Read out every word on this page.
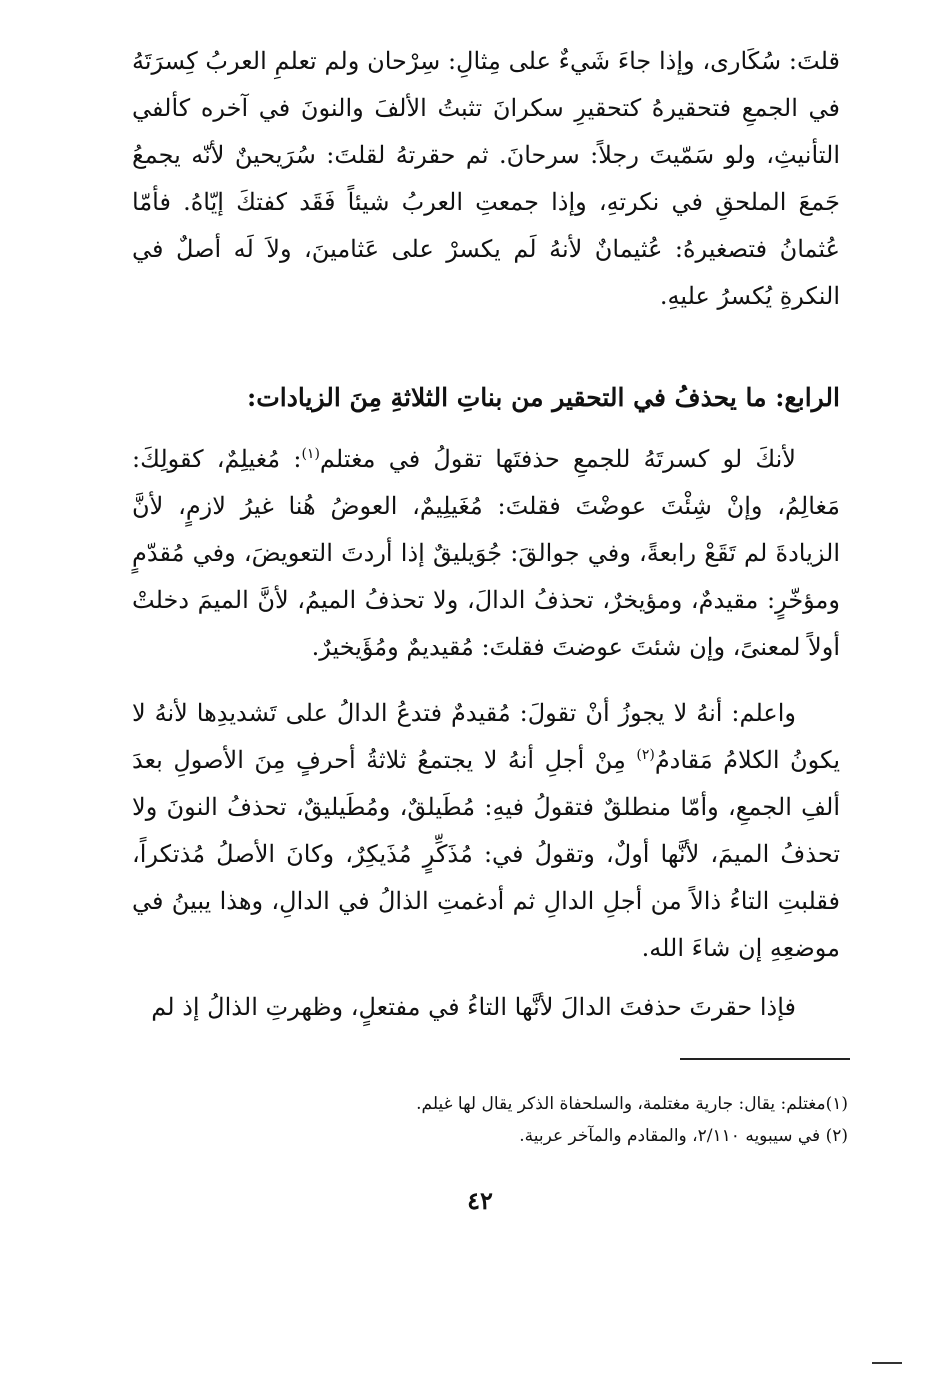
قلتَ: سُكَارى، وإذا جاءَ شَيءٌ على مِثالِ: سِرْحان ولم تعلمِ العربُ كِسرَتَهُ في الجمعِ فتحقيرهُ كتحقيرِ سكرانَ تثبتُ الألفَ والنونَ في آخره كألفي التأنيثِ، ولو سَمّيتَ رجلاً: سرحانَ. ثم حقرتهُ لقلتَ: سُرَيحينٌ لأنّه يجمعُ جَمعَ الملحقِ في نكرتهِ، وإذا جمعتِ العربُ شيئاً فَقَد كفتكَ إيّاهُ. فأمّا عُثمانُ فتصغيرهُ: عُثيمانٌ لأنهُ لَم يكسرْ على عَثامينَ، ولاَ لَه أصلٌ في النكرةِ يُكسرُ عليهِ.

الرابع: ما يحذفُ في التحقير من بناتِ الثلاثةِ مِنَ الزيادات:

لأنكَ لو كسرتَهُ للجمعِ حذفتَها تقولُ في مغتلم$^{(١)}$: مُغيلِمٌ، كقولِكَ: مَغالِمُ، وإنْ شِئْتَ عوضْتَ فقلتَ: مُغَيلِيمٌ، العوضُ هُنا غيرُ لازمٍ، لأنَّ الزيادةَ لم تَقَعْ رابعةً، وفي جوالقَ: جُوَيليقٌ إذا أردتَ التعويضَ، وفي مُقدّمٍ ومؤخّرٍ: مقيدمٌ، ومؤيخرٌ، تحذفُ الدالَ، ولا تحذفُ الميمُ، لأنَّ الميمَ دخلتْ أولاً لمعنىً، وإن شئتَ عوضتَ فقلتَ: مُقيديمٌ ومُؤَيخيرٌ.

واعلم: أنهُ لا يجوزُ أنْ تقولَ: مُقيدمٌ فتدعُ الدالُ على تَشديدِها لأنهُ لا يكونُ الكلامُ مَقادمُ$^{(٢)}$ مِنْ أجلِ أنهُ لا يجتمعُ ثلاثةُ أحرفٍ مِنَ الأصولِ بعدَ ألفِ الجمعِ، وأمّا منطلقٌ فتقولُ فيهِ: مُطَيلقٌ، ومُطَيليقٌ، تحذفُ النونَ ولا تحذفُ الميمَ، لأنَّها أولٌ، وتقولُ في: مُذَكِّرٍ مُذَيكِرٌ، وكانَ الأصلُ مُذتكراً، فقلبتِ التاءُ ذالاً من أجلِ الدالِ ثم أدغمتِ الذالُ في الدالِ، وهذا يبينُ في موضعِهِ إن شاءَ الله.

فإذا حقرتَ حذفتَ الدالَ لأنَّها التاءُ في مفتعلٍ، وظهرتِ الذالُ إذ لم

(١)مغتلم: يقال: جارية مغتلمة، والسلحفاة الذكر يقال لها غيلم.

(٢) في سيبويه ٢/١١٠، والمقادم والمآخر عربية.

٤٢
